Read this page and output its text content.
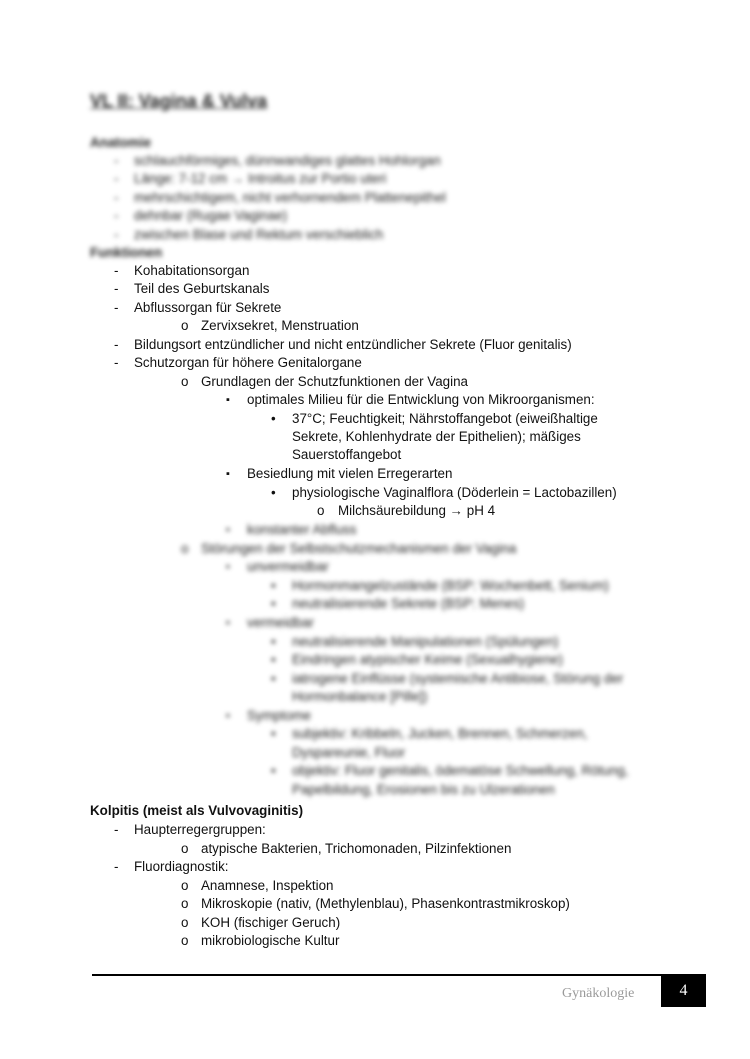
VL II: Vagina & Vulva
Anatomie
- schlauchförmiges, dünnwandiges glattes Hohlorgan
- Länge: 7-12 cm → Introitus zur Portio uteri
- mehrschichtigem, nicht verhornendem Plattenepithel
- dehnbar (Rugae Vaginae)
- zwischen Blase und Rektum verschieblich
Funktionen
- Kohabitationsorgan
- Teil des Geburtskanals
- Abflussorgan für Sekrete
o Zervixsekret, Menstruation
- Bildungsort entzündlicher und nicht entzündlicher Sekrete (Fluor genitalis)
- Schutzorgan für höhere Genitalorgane
o Grundlagen der Schutzfunktionen der Vagina
▪ optimales Milieu für die Entwicklung von Mikroorganismen:
• 37°C; Feuchtigkeit; Nährstoffangebot (eiweißhaltige
Sekrete, Kohlenhydrate der Epithelien); mäßiges
Sauerstoffangebot
▪ Besiedlung mit vielen Erregerarten
• physiologische Vaginalflora (Döderlein = Lactobazillen)
o Milchsäurebildung → pH 4
▪ konstanter Abfluss
o Störungen der Selbstschutzmechanismen der Vagina
▪ unvermeidbar
• Hormonmangelzustände (BSP: Wochenbett, Senium)
• neutralisierende Sekrete (BSP: Menes)
▪ vermeidbar
• neutralisierende Manipulationen (Spülungen)
• Eindringen atypischer Keime (Sexualhygiene)
• iatrogene Einflüsse (systemische Antibiose, Störung der
Hormonbalance [Pille])
▪ Symptome
• subjektiv: Kribbeln, Jucken, Brennen, Schmerzen,
Dyspareunie, Fluor
• objektiv: Fluor genitalis, ödematöse Schwellung, Rötung,
Papelbildung, Erosionen bis zu Ulzerationen
Kolpitis (meist als Vulvovaginitis)
- Haupterregergruppen:
o atypische Bakterien, Trichomonaden, Pilzinfektionen
- Fluordiagnostik:
o Anamnese, Inspektion
o Mikroskopie (nativ, (Methylenblau), Phasenkontrastmikroskop)
o KOH (fischiger Geruch)
o mikrobiologische Kultur
Gynäkologie	4
